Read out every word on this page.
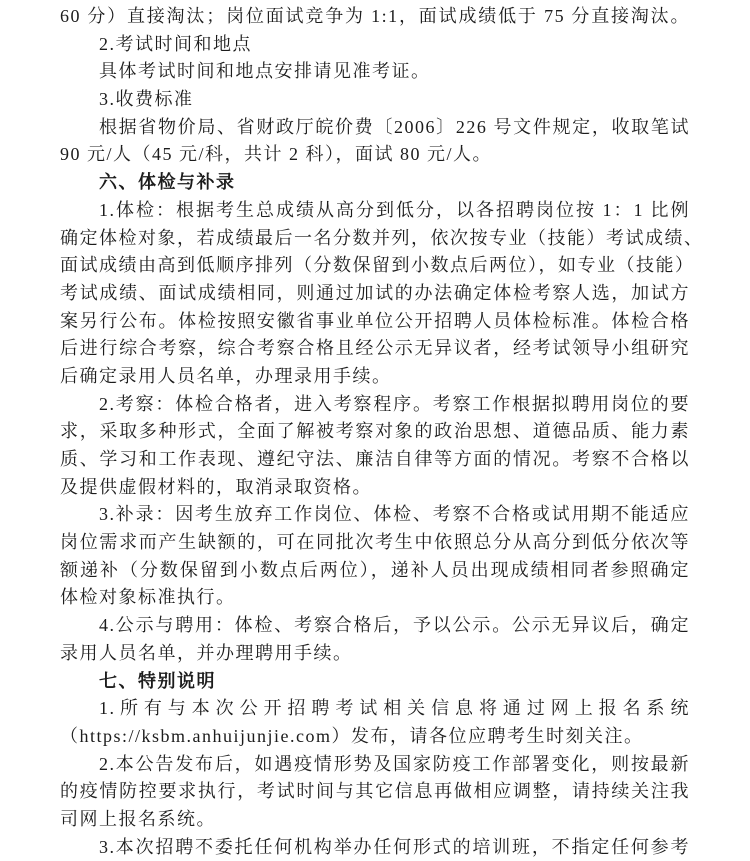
60 分）直接淘汰；岗位面试竞争为 1:1，面试成绩低于 75 分直接淘汰。
2.考试时间和地点
具体考试时间和地点安排请见准考证。
3.收费标准
根据省物价局、省财政厅皖价费〔2006〕226 号文件规定，收取笔试
90 元/人（45 元/科，共计 2 科），面试 80 元/人。
六、体检与补录
1.体检：根据考生总成绩从高分到低分，以各招聘岗位按 1：1 比例
确定体检对象，若成绩最后一名分数并列，依次按专业（技能）考试成绩、
面试成绩由高到低顺序排列（分数保留到小数点后两位），如专业（技能）
考试成绩、面试成绩相同，则通过加试的办法确定体检考察人选，加试方
案另行公布。体检按照安徽省事业单位公开招聘人员体检标准。体检合格
后进行综合考察，综合考察合格且经公示无异议者，经考试领导小组研究
后确定录用人员名单，办理录用手续。
2.考察：体检合格者，进入考察程序。考察工作根据拟聘用岗位的要
求，采取多种形式，全面了解被考察对象的政治思想、道德品质、能力素
质、学习和工作表现、遵纪守法、廉洁自律等方面的情况。考察不合格以
及提供虚假材料的，取消录取资格。
3.补录：因考生放弃工作岗位、体检、考察不合格或试用期不能适应
岗位需求而产生缺额的，可在同批次考生中依照总分从高分到低分依次等
额递补（分数保留到小数点后两位），递补人员出现成绩相同者参照确定
体检对象标准执行。
4.公示与聘用：体检、考察合格后，予以公示。公示无异议后，确定
录用人员名单，并办理聘用手续。
七、特别说明
1.所有与本次公开招聘考试相关信息将通过网上报名系统
（https://ksbm.anhuijunjie.com）发布，请各位应聘考生时刻关注。
2.本公告发布后，如遇疫情形势及国家防疫工作部署变化，则按最新
的疫情防控要求执行，考试时间与其它信息再做相应调整，请持续关注我
司网上报名系统。
3.本次招聘不委托任何机构举办任何形式的培训班，不指定任何参考
